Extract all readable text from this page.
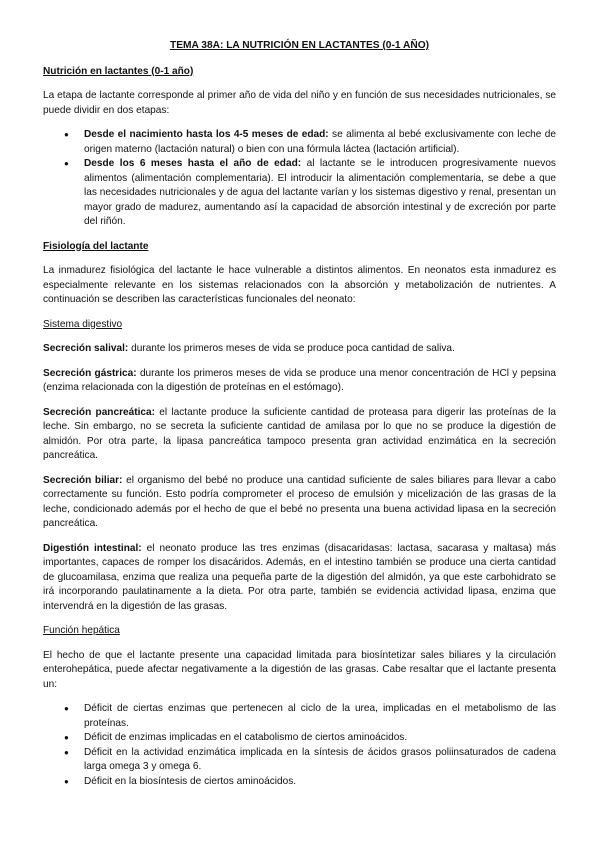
TEMA 38A: LA NUTRICIÓN EN LACTANTES (0-1 AÑO)
Nutrición en lactantes (0-1 año)

La etapa de lactante corresponde al primer año de vida del niño y en función de sus necesidades nutricionales, se puede dividir en dos etapas:

● Desde el nacimiento hasta los 4-5 meses de edad: se alimenta al bebé exclusivamente con leche de origen materno (lactación natural) o bien con una fórmula láctea (lactación artificial).
● Desde los 6 meses hasta el año de edad: al lactante se le introducen progresivamente nuevos alimentos (alimentación complementaria). El introducir la alimentación complementaria, se debe a que las necesidades nutricionales y de agua del lactante varían y los sistemas digestivo y renal, presentan un mayor grado de madurez, aumentando así la capacidad de absorción intestinal y de excreción por parte del riñón.
Fisiología del lactante

La inmadurez fisiológica del lactante le hace vulnerable a distintos alimentos. En neonatos esta inmadurez es especialmente relevante en los sistemas relacionados con la absorción y metabolización de nutrientes. A continuación se describen las características funcionales del neonato:

Sistema digestivo

Secreción salival: durante los primeros meses de vida se produce poca cantidad de saliva.

Secreción gástrica: durante los primeros meses de vida se produce una menor concentración de HCl y pepsina (enzima relacionada con la digestión de proteínas en el estómago).

Secreción pancreática: el lactante produce la suficiente cantidad de proteasa para digerir las proteínas de la leche. Sin embargo, no se secreta la suficiente cantidad de amilasa por lo que no se produce la digestión de almidón. Por otra parte, la lipasa pancreática tampoco presenta gran actividad enzimática en la secreción pancreática.

Secreción biliar: el organismo del bebé no produce una cantidad suficiente de sales biliares para llevar a cabo correctamente su función. Esto podría comprometer el proceso de emulsión y micelización de las grasas de la leche, condicionado además por el hecho de que el bebé no presenta una buena actividad lipasa en la secreción pancreática.

Digestión intestinal: el neonato produce las tres enzimas (disacaridasas: lactasa, sacarasa y maltasa) más importantes, capaces de romper los disacáridos. Además, en el intestino también se produce una cierta cantidad de glucoamilasa, enzima que realiza una pequeña parte de la digestión del almidón, ya que este carbohidrato se irá incorporando paulatinamente a la dieta. Por otra parte, también se evidencia actividad lipasa, enzima que intervendrá en la digestión de las grasas.

Función hepática

El hecho de que el lactante presente una capacidad limitada para biosíntetizar sales biliares y la circulación enterohepática, puede afectar negativamente a la digestión de las grasas. Cabe resaltar que el lactante presenta un:

● Déficit de ciertas enzimas que pertenecen al ciclo de la urea, implicadas en el metabolismo de las proteínas.
● Déficit de enzimas implicadas en el catabolismo de ciertos aminoácidos.
● Déficit en la actividad enzimática implicada en la síntesis de ácidos grasos poliinsaturados de cadena larga omega 3 y omega 6.
● Déficit en la biosíntesis de ciertos aminoácidos.
